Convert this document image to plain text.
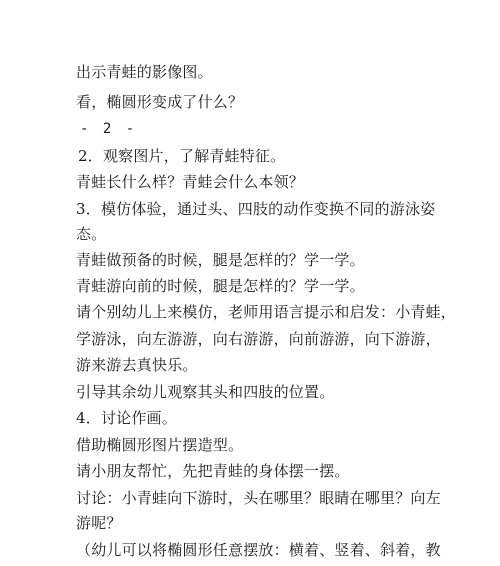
出示青蛙的影像图。
看，椭圆形变成了什么？
- 2 -
2．观察图片，了解青蛙特征。
青蛙长什么样？青蛙会什么本领？
3．模仿体验，通过头、四肢的动作变换不同的游泳姿
态。
青蛙做预备的时候，腿是怎样的？学一学。
青蛙游向前的时候，腿是怎样的？学一学。
请个别幼儿上来模仿，老师用语言提示和启发：小青蛙，
学游泳，向左游游，向右游游，向前游游，向下游游，
游来游去真快乐。
引导其余幼儿观察其头和四肢的位置。
4．讨论作画。
借助椭圆形图片摆造型。
请小朋友帮忙，先把青蛙的身体摆一摆。
讨论：小青蛙向下游时，头在哪里？眼睛在哪里？向左
游呢？
（幼儿可以将椭圆形任意摆放：横着、竖着、斜着，教
